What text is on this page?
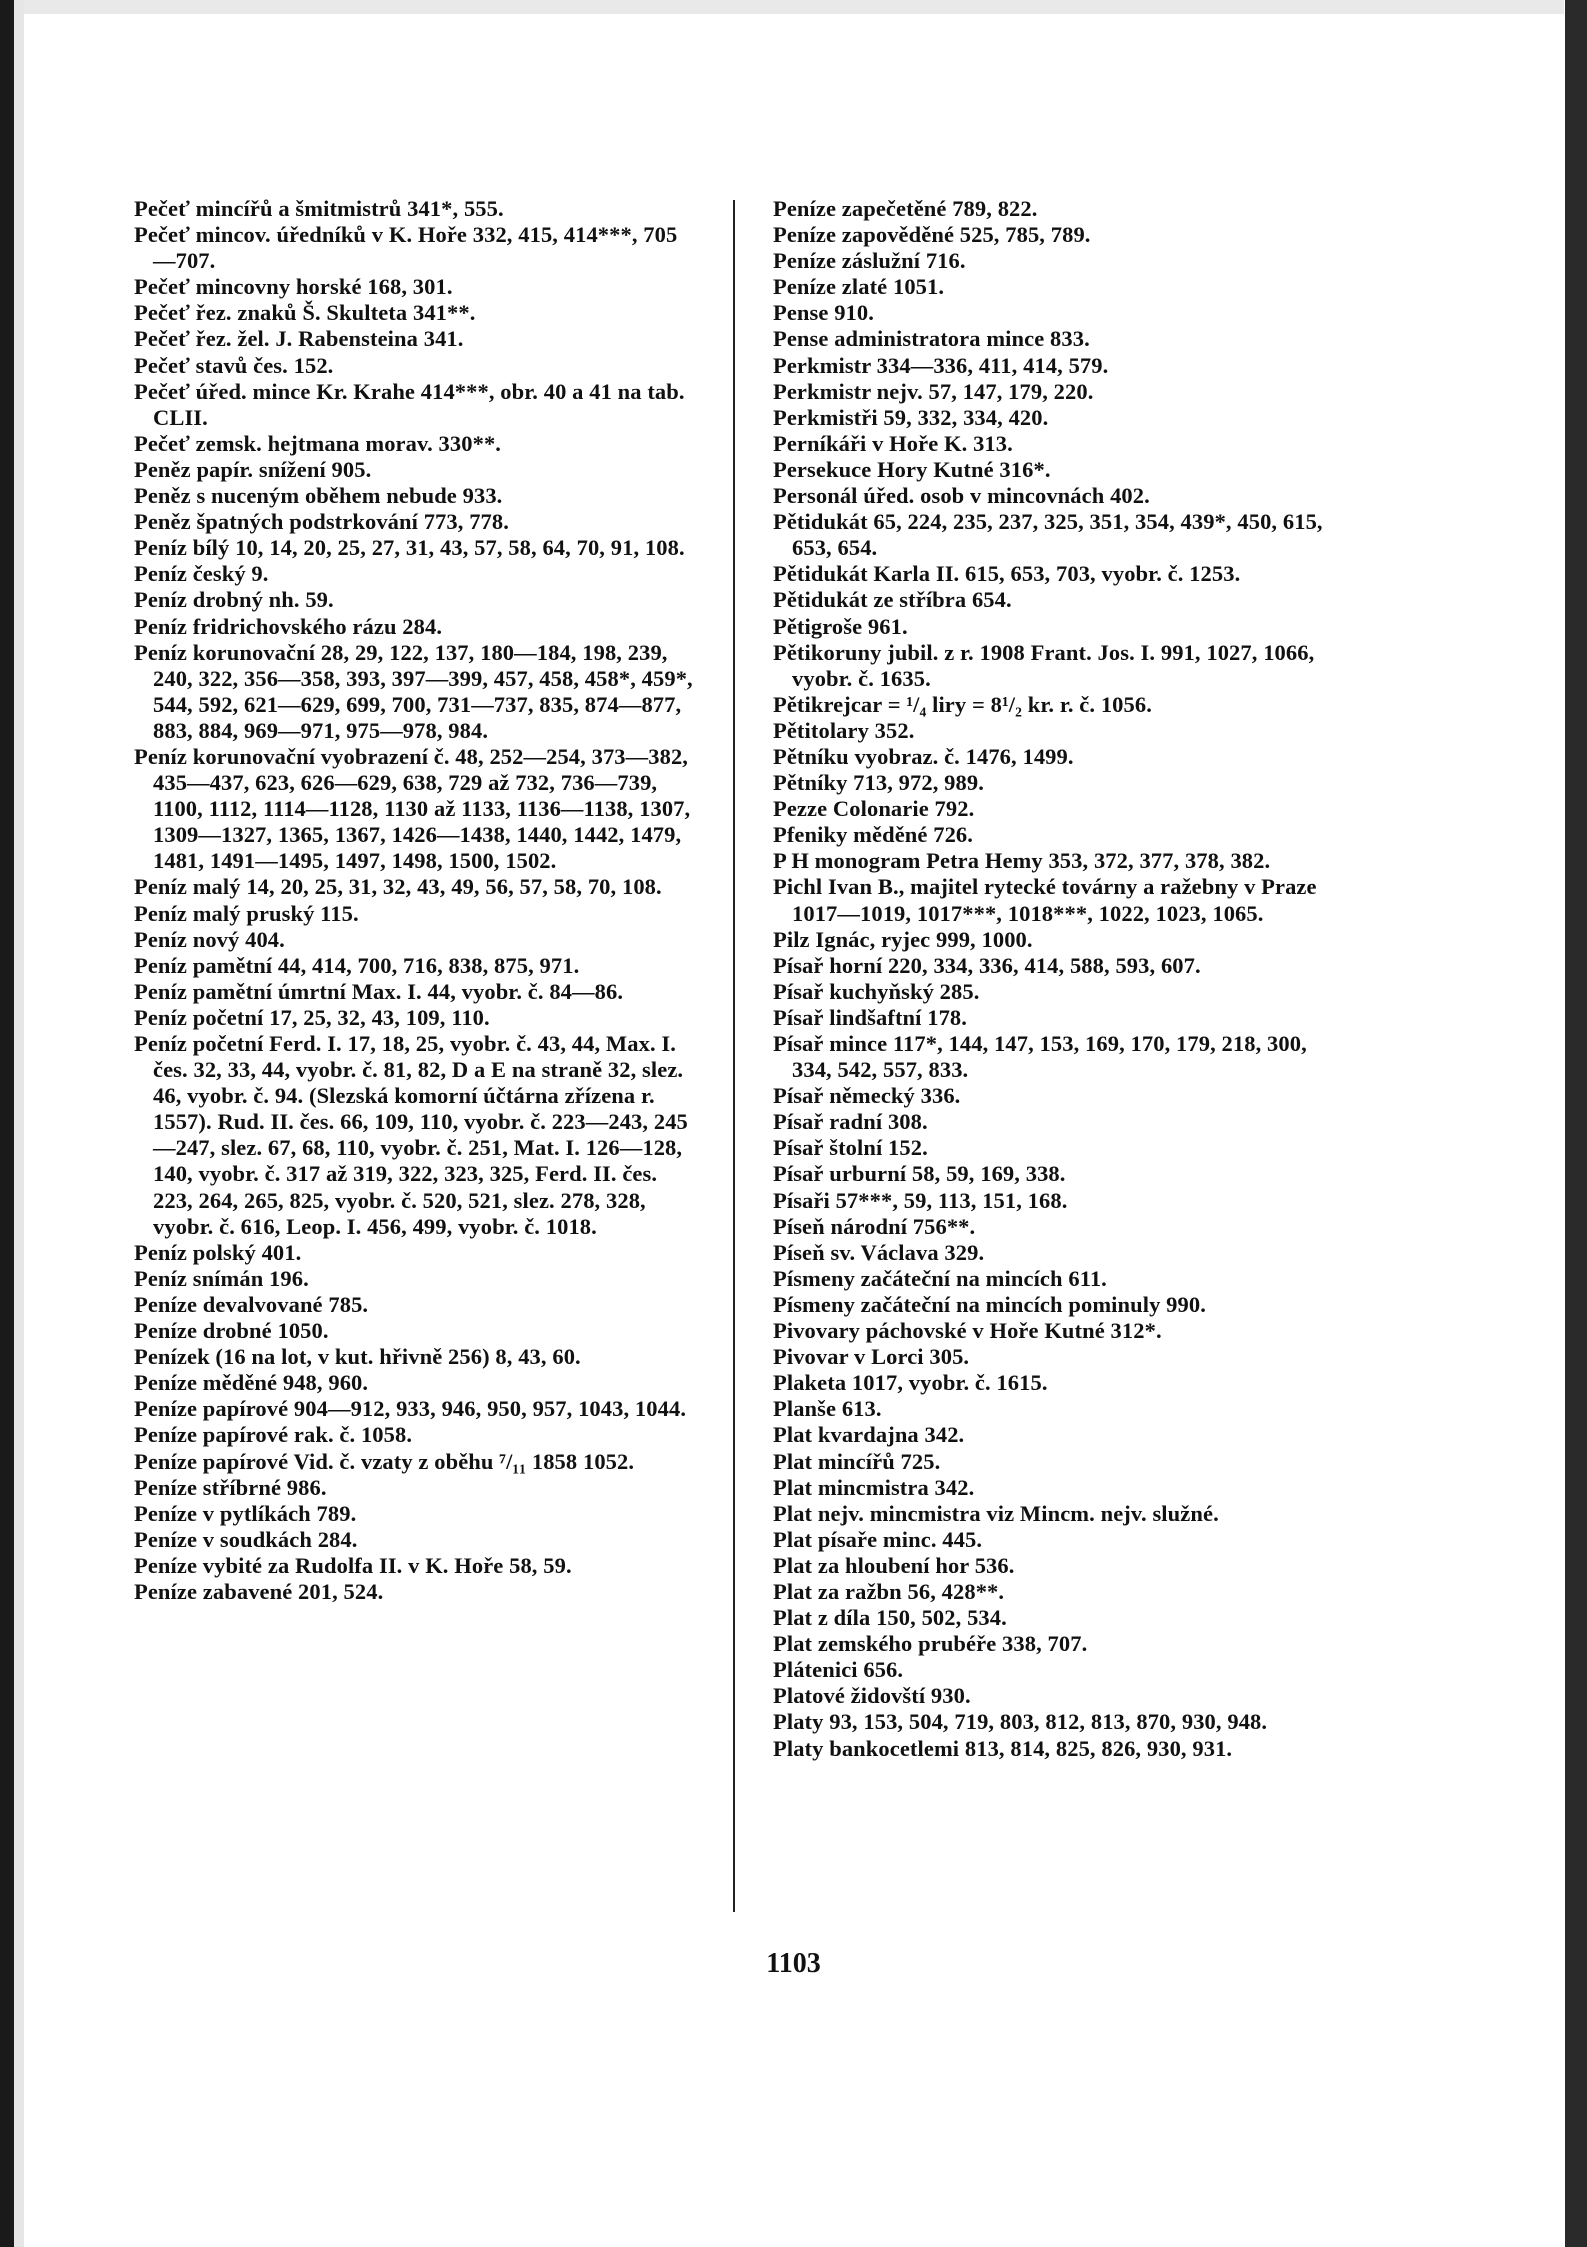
Pečeť mincířů a šmitmistrů 341*, 555.
Pečeť mincov. úředníků v K. Hoře 332, 415, 414***, 705—707.
Pečeť mincovny horské 168, 301.
Pečeť řez. znaků Š. Skulteta 341**.
Pečeť řez. žel. J. Rabensteina 341.
Pečeť stavů čes. 152.
Pečeť úřed. mince Kr. Krahe 414***, obr. 40 a 41 na tab. CLII.
Pečeť zemsk. hejtmana morav. 330**.
Peněz papír. snížení 905.
Peněz s nuceným oběhem nebude 933.
Peněz špatných podstrkování 773, 778.
Peníz bílý 10, 14, 20, 25, 27, 31, 43, 57, 58, 64, 70, 91, 108.
Peníz český 9.
Peníz drobný nh. 59.
Peníz fridrichovského rázu 284.
Peníz korunovační 28, 29, 122, 137, 180—184, 198, 239, 240, 322, 356—358, 393, 397—399, 457, 458, 458*, 459*, 544, 592, 621—629, 699, 700, 731—737, 835, 874—877, 883, 884, 969—971, 975—978, 984.
Peníz korunovační vyobrazení č. 48, 252—254, 373—382, 435—437, 623, 626—629, 638, 729 až 732, 736—739, 1100, 1112, 1114—1128, 1130 až 1133, 1136—1138, 1307, 1309—1327, 1365, 1367, 1426—1438, 1440, 1442, 1479, 1481, 1491—1495, 1497, 1498, 1500, 1502.
Peníz malý 14, 20, 25, 31, 32, 43, 49, 56, 57, 58, 70, 108.
Peníz malý pruský 115.
Peníz nový 404.
Peníz pamětní 44, 414, 700, 716, 838, 875, 971.
Peníz pamětní úmrtní Max. I. 44, vyobr. č. 84—86.
Peníz početní 17, 25, 32, 43, 109, 110.
Peníz početní Ferd. I. 17, 18, 25, vyobr. č. 43, 44, Max. I. čes. 32, 33, 44, vyobr. č. 81, 82, D a E na straně 32, slez. 46, vyobr. č. 94. (Slezská komorní účtárna zřízena r. 1557). Rud. II. čes. 66, 109, 110, vyobr. č. 223—243, 245—247, slez. 67, 68, 110, vyobr. č. 251, Mat. I. 126—128, 140, vyobr. č. 317 až 319, 322, 323, 325, Ferd. II. čes. 223, 264, 265, 825, vyobr. č. 520, 521, slez. 278, 328, vyobr. č. 616, Leop. I. 456, 499, vyobr. č. 1018.
Peníz polský 401.
Peníz snímán 196.
Peníze devalvované 785.
Peníze drobné 1050.
Penízek (16 na lot, v kut. hřivně 256) 8, 43, 60.
Peníze měděné 948, 960.
Peníze papírové 904—912, 933, 946, 950, 957, 1043, 1044.
Peníze papírové rak. č. 1058.
Peníze papírové Vid. č. vzaty z oběhu ⁷/₁₁ 1858 1052.
Peníze stříbrné 986.
Peníze v pytlíkách 789.
Peníze v soudkách 284.
Peníze vybité za Rudolfa II. v K. Hoře 58, 59.
Peníze zabavené 201, 524.
Peníze zapečetěné 789, 822.
Peníze zapověděné 525, 785, 789.
Peníze záslužní 716.
Peníze zlaté 1051.
Pense 910.
Pense administratora mince 833.
Perkmistr 334—336, 411, 414, 579.
Perkmistr nejv. 57, 147, 179, 220.
Perkmistři 59, 332, 334, 420.
Perníkáři v Hoře K. 313.
Persekuce Hory Kutné 316*.
Personál úřed. osob v mincovnách 402.
Pětidukát 65, 224, 235, 237, 325, 351, 354, 439*, 450, 615, 653, 654.
Pětidukát Karla II. 615, 653, 703, vyobr. č. 1253.
Pětidukát ze stříbra 654.
Pětigroše 961.
Pětikoruny jubil. z r. 1908 Frant. Jos. I. 991, 1027, 1066, vyobr. č. 1635.
Pětikrejcar = ¹/₄ liry = 8¹/₂ kr. r. č. 1056.
Pětitolary 352.
Pětníku vyobraz. č. 1476, 1499.
Pětníky 713, 972, 989.
Pezze Colonarie 792.
Pfeniky měděné 726.
P H monogram Petra Hemy 353, 372, 377, 378, 382.
Pichl Ivan B., majitel rytecké továrny a ražebny v Praze 1017—1019, 1017***, 1018***, 1022, 1023, 1065.
Pilz Ignác, ryjec 999, 1000.
Písař horní 220, 334, 336, 414, 588, 593, 607.
Písař kuchyňský 285.
Písař lindšaftní 178.
Písař mince 117*, 144, 147, 153, 169, 170, 179, 218, 300, 334, 542, 557, 833.
Písař německý 336.
Písař radní 308.
Písař štolní 152.
Písař urburní 58, 59, 169, 338.
Písaři 57***, 59, 113, 151, 168.
Píseň národní 756**.
Píseň sv. Václava 329.
Písmeny začáteční na mincích 611.
Písmeny začáteční na mincích pominuly 990.
Pivovary páchovské v Hoře Kutné 312*.
Pivovar v Lorci 305.
Plaketa 1017, vyobr. č. 1615.
Planše 613.
Plat kvardajna 342.
Plat mincířů 725.
Plat mincmistra 342.
Plat nejv. mincmistra viz Mincm. nejv. služné.
Plat písaře minc. 445.
Plat za hloubení hor 536.
Plat za ražbn 56, 428**.
Plat z díla 150, 502, 534.
Plat zemského prubéře 338, 707.
Plátenici 656.
Platové židovští 930.
Platy 93, 153, 504, 719, 803, 812, 813, 870, 930, 948.
Platy bankocetlemi 813, 814, 825, 826, 930, 931.
1103
